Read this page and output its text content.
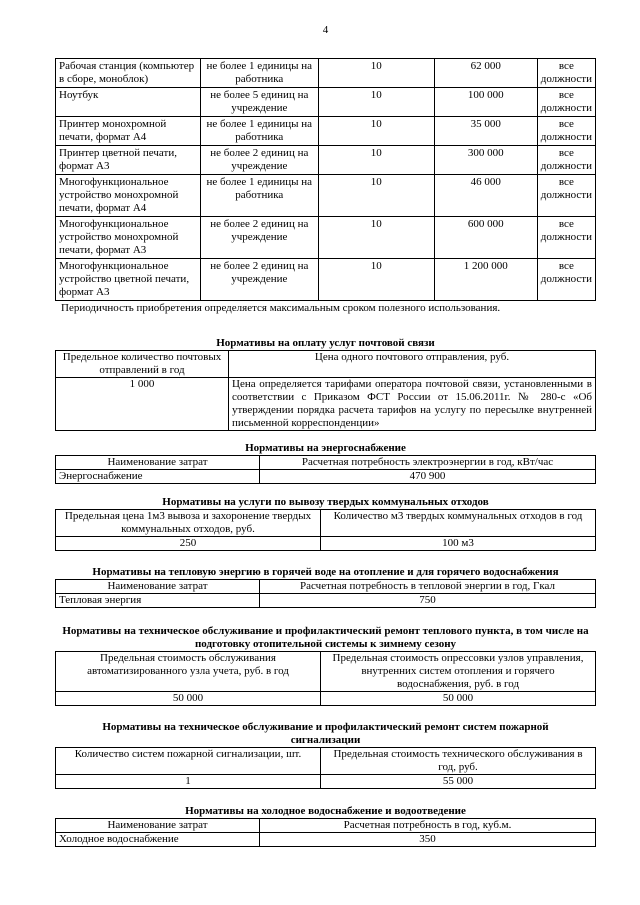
4
Рабочая станция (компьютер в сборе, моноблок)	не более 1 единицы на работника	10	62 000	все должности
Ноутбук	не более 5 единиц на учреждение	10	100 000	все должности
Принтер монохромной печати, формат А4	не более 1 единицы на работника	10	35 000	все должности
Принтер цветной печати, формат А3	не более 2 единиц на учреждение	10	300 000	все должности
Многофункциональное устройство монохромной печати, формат А4	не более 1 единицы на работника	10	46 000	все должности
Многофункциональное устройство монохромной печати, формат А3	не более 2 единиц на учреждение	10	600 000	все должности
Многофункциональное устройство цветной печати, формат А3	не более 2 единиц на учреждение	10	1 200 000	все должности
Периодичность приобретения определяется максимальным сроком полезного использования.
Нормативы на оплату услуг почтовой связи
Предельное количество почтовых отправлений в год	Цена одного почтового отправления, руб.
1 000	Цена определяется тарифами оператора почтовой связи, установленными в соответствии с Приказом ФСТ России от 15.06.2011г. № 280-с «Об утверждении порядка расчета тарифов на услугу по пересылке внутренней письменной корреспонденции»
Нормативы на энергоснабжение
Наименование затрат	Расчетная потребность электроэнергии в год, кВт/час
Энергоснабжение	470 900
Нормативы на услуги по вывозу твердых коммунальных отходов
Предельная цена 1м3 вывоза и захоронение твердых коммунальных отходов, руб.	Количество м3 твердых коммунальных отходов в год
250	100 м3
Нормативы на тепловую энергию в горячей воде на отопление и для горячего водоснабжения
Наименование затрат	Расчетная потребность в тепловой энергии в год, Гкал
Тепловая энергия	750
Нормативы на техническое обслуживание и профилактический ремонт теплового пункта, в том числе на подготовку отопительной системы к зимнему сезону
Предельная стоимость обслуживания автоматизированного узла учета, руб. в год	Предельная стоимость опрессовки узлов управления, внутренних систем отопления и горячего водоснабжения, руб. в год
50 000	50 000
Нормативы на техническое обслуживание и профилактический ремонт систем пожарной сигнализации
Количество систем пожарной сигнализации, шт.	Предельная стоимость технического обслуживания в год, руб.
1	55 000
Нормативы на холодное водоснабжение и водоотведение
Наименование затрат	Расчетная потребность в год, куб.м.
Холодное водоснабжение	350
